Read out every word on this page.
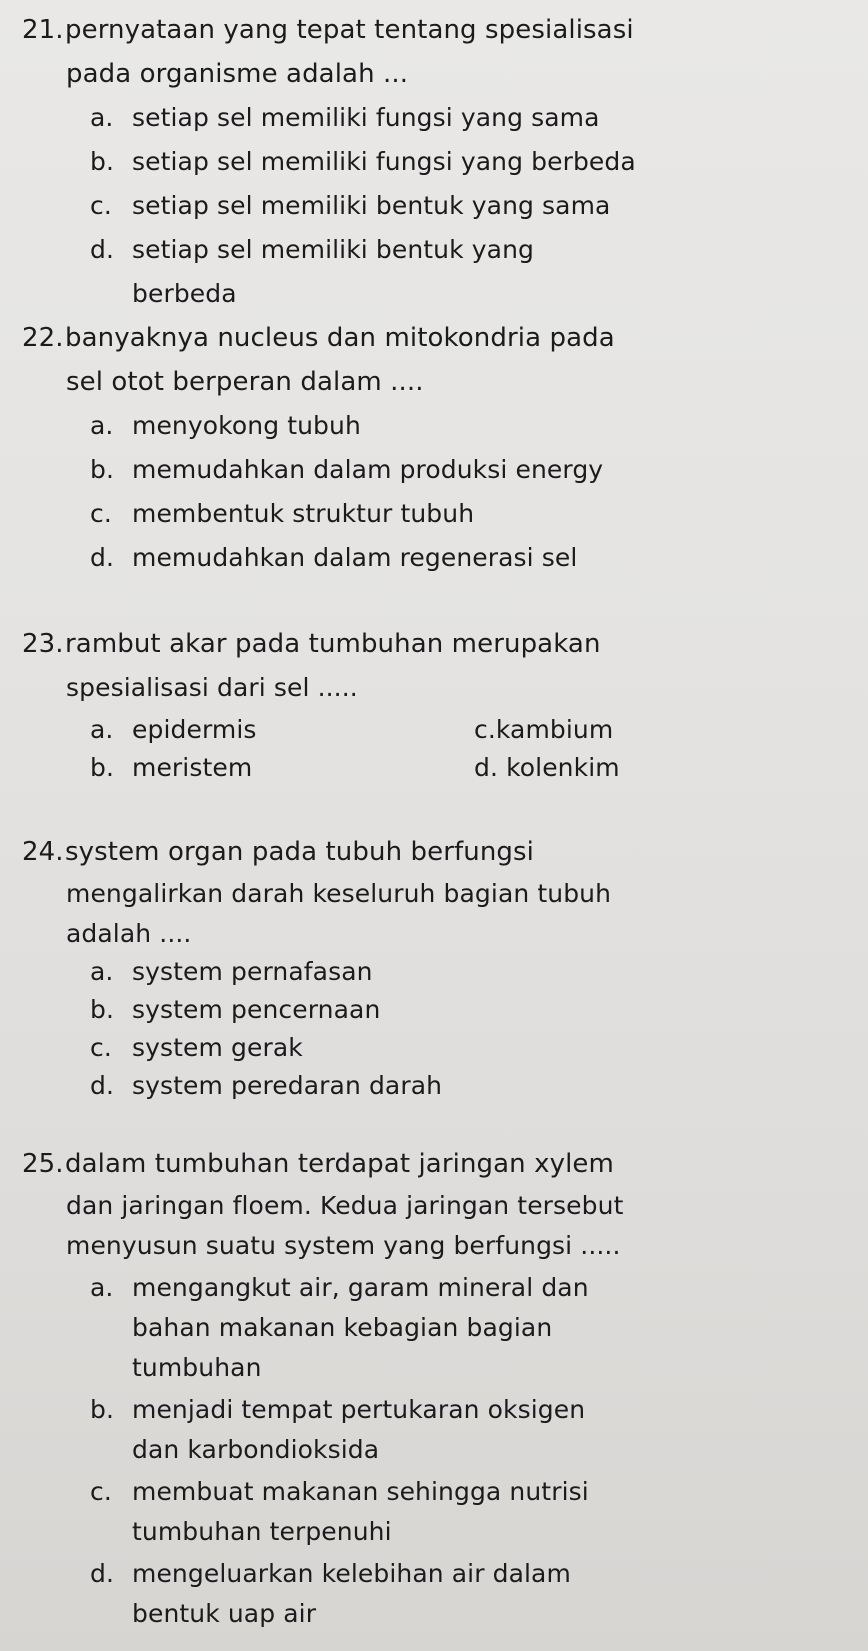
21.pernyataan yang tepat tentang spesialisasi
pada organisme adalah ...
a. setiap sel memiliki fungsi yang sama
b. setiap sel memiliki fungsi yang berbeda
c. setiap sel memiliki bentuk yang sama
d. setiap sel memiliki bentuk yang
berbeda
22.banyaknya nucleus dan mitokondria pada
sel otot berperan dalam ....
a. menyokong tubuh
b. memudahkan dalam produksi energy
c. membentuk struktur tubuh
d. memudahkan dalam regenerasi sel
23.rambut akar pada tumbuhan merupakan
spesialisasi dari sel .....
a. epidermis	c.kambium
b. meristem	d. kolenkim
24.system organ pada tubuh berfungsi
mengalirkan darah keseluruh bagian tubuh
adalah ....
a. system pernafasan
b. system pencernaan
c. system gerak
d. system peredaran darah
25.dalam tumbuhan terdapat jaringan xylem
dan jaringan floem. Kedua jaringan tersebut
menyusun suatu system yang berfungsi .....
a. mengangkut air, garam mineral dan
bahan makanan kebagian bagian
tumbuhan
b. menjadi tempat pertukaran oksigen
dan karbondioksida
c. membuat makanan sehingga nutrisi
tumbuhan terpenuhi
d. mengeluarkan kelebihan air dalam
bentuk uap air
